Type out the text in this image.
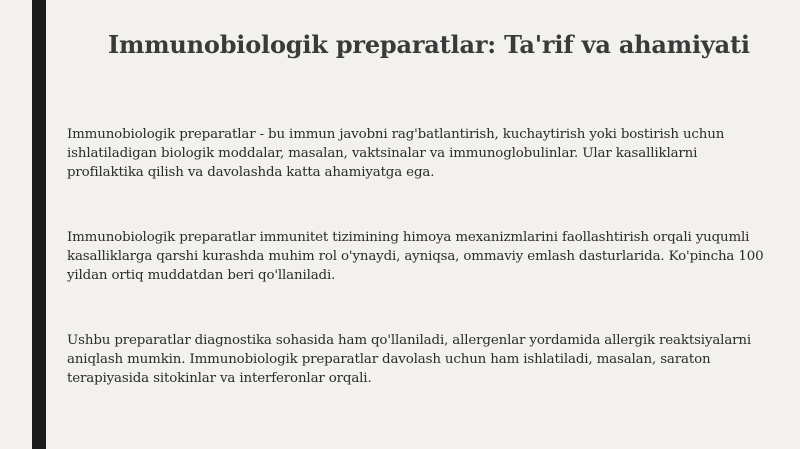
Immunobiologik preparatlar: Ta'rif va ahamiyati

Immunobiologik preparatlar - bu immun javobni rag'batlantirish, kuchaytirish yoki bostirish uchun ishlatiladigan biologik moddalar, masalan, vaktsinalar va immunoglobulinlar. Ular kasalliklarni profilaktika qilish va davolashda katta ahamiyatga ega.

Immunobiologik preparatlar immunitet tizimining himoya mexanizmlarini faollashtirish orqali yuqumli kasalliklarga qarshi kurashda muhim rol o'ynaydi, ayniqsa, ommaviy emlash dasturlarida. Ko'pincha 100 yildan ortiq muddatdan beri qo'llaniladi.

Ushbu preparatlar diagnostika sohasida ham qo'llaniladi, allergenlar yordamida allergik reaktsiyalarni aniqlash mumkin. Immunobiologik preparatlar davolash uchun ham ishlatiladi, masalan, saraton terapiyasida sitokinlar va interferonlar orqali.
